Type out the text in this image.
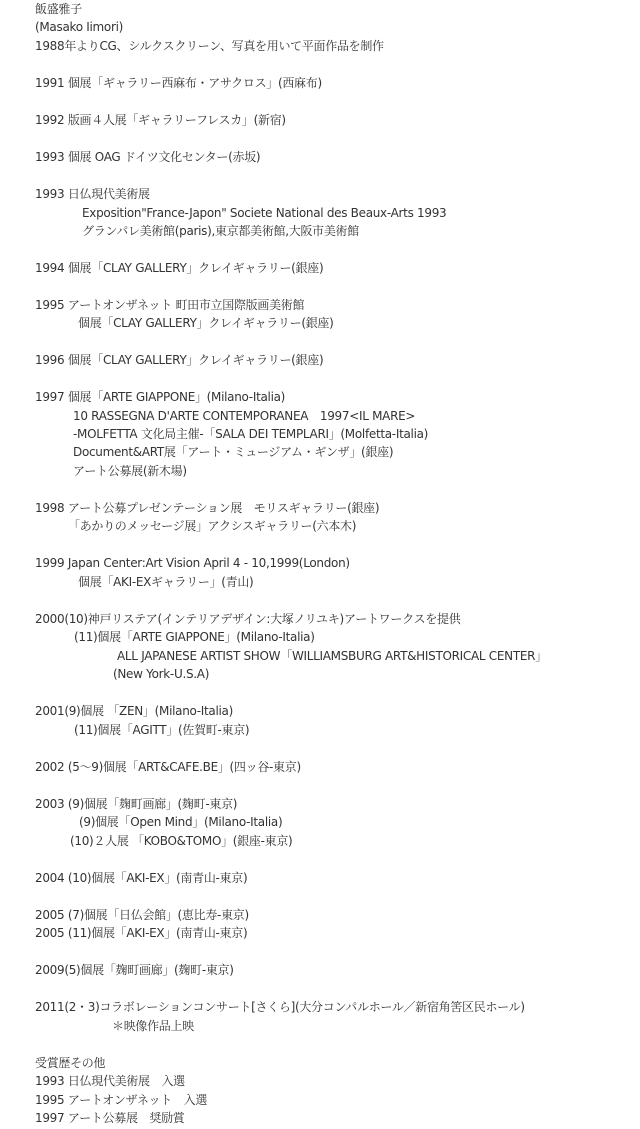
飯盛雅子
(Masako Iimori)
1988年よりCG、シルクスクリーン、写真を用いて平面作品を制作
1991 個展「ギャラリー西麻布・アサクロス」(西麻布)
1992 版画４人展「ギャラリーフレスカ」(新宿)
1993 個展 OAG ドイツ文化センター(赤坂)
1993 日仏現代美術展
Exposition"France-Japon" Societe National des Beaux-Arts 1993
グランパレ美術館(paris),東京都美術館,大阪市美術館
1994 個展「CLAY GALLERY」クレイギャラリー(銀座)
1995 アートオンザネット 町田市立国際版画美術館
個展「CLAY GALLERY」クレイギャラリー(銀座)
1996 個展「CLAY GALLERY」クレイギャラリー(銀座)
1997 個展「ARTE GIAPPONE」(Milano-Italia)
10 RASSEGNA D'ARTE CONTEMPORANEA　1997<IL MARE>
-MOLFETTA 文化局主催-「SALA DEI TEMPLARI」(Molfetta-Italia)
Document&ART展「アート・ミュージアム・ギンザ」(銀座)
アート公募展(新木場)
1998 アート公募プレゼンテーション展　モリスギャラリー(銀座)
「あかりのメッセージ展」アクシスギャラリー(六本木)
1999 Japan Center:Art Vision April 4 - 10,1999(London)
個展「AKI-EXギャラリー」(青山)
2000(10)神戸リステア(インテリアデザイン:大塚ノリユキ)アートワークスを提供
(11)個展「ARTE GIAPPONE」(Milano-Italia)
ALL JAPANESE ARTIST SHOW「WILLIAMSBURG ART&HISTORICAL CENTER」
(New York-U.S.A)
2001(9)個展 「ZEN」(Milano-Italia)
(11)個展「AGITT」(佐賀町-東京)
2002 (5～9)個展「ART&CAFE.BE」(四ッ谷-東京)
2003 (9)個展「麹町画廊」(麹町-東京)
(9)個展「Open Mind」(Milano-Italia)
(10)２人展 「KOBO&TOMO」(銀座-東京)
2004 (10)個展「AKI-EX」(南青山-東京)
2005 (7)個展「日仏会館」(恵比寿-東京)
2005 (11)個展「AKI-EX」(南青山-東京)
2009(5)個展「麹町画廊」(麹町-東京)
2011(2・3)コラボレーションコンサート[さくら](大分コンパルホール／新宿角筈区民ホール)
＊映像作品上映
受賞歴その他
1993 日仏現代美術展　入選
1995 アートオンザネット　入選
1997 アート公募展　奨励賞
